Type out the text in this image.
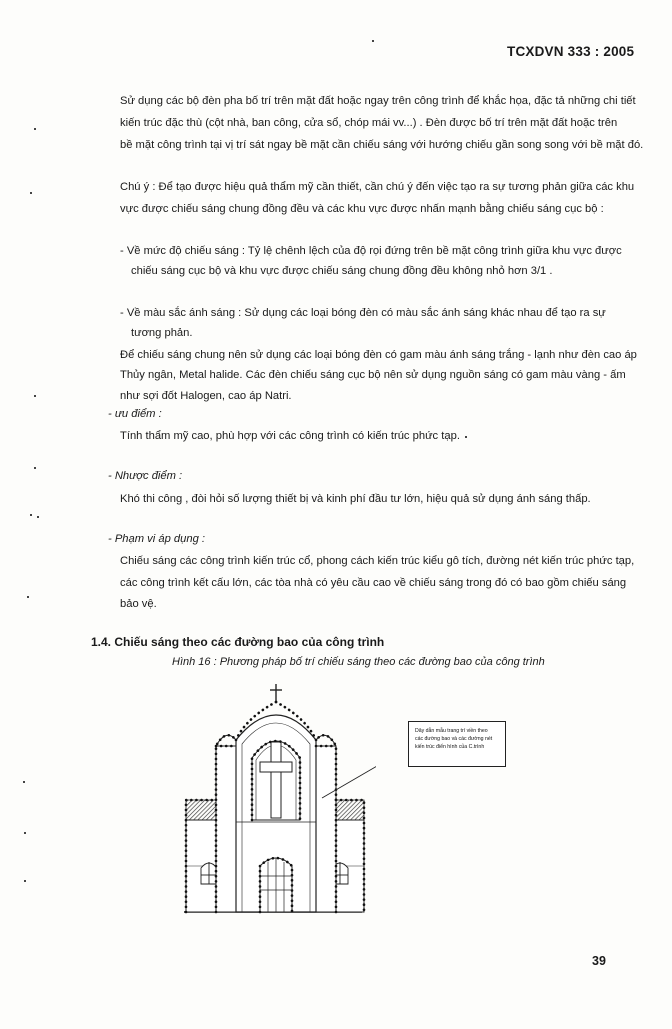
TCXDVN 333 : 2005
Sử dụng các bộ đèn pha bố trí trên mặt đất hoặc ngay trên công trình để khắc họa, đặc tả những chi tiết
kiến trúc đặc thù (cột nhà, ban công, cửa sổ, chóp mái vv...) . Đèn được bố trí trên mặt đất hoặc trên
bề mặt công trình tại vị trí sát ngay bề mặt cần chiếu sáng với hướng chiếu gần song song với bề mặt đó.
Chú ý : Để tạo được hiệu quả thẩm mỹ cần thiết, cần chú ý đến việc tạo ra sự tương phản giữa các khu
vực được chiếu sáng chung đồng đều và các khu vực được nhấn mạnh bằng chiếu sáng cục bộ :
- Về mức độ chiếu sáng : Tỷ lệ chênh lệch của độ rọi đứng trên bề mặt công trình giữa khu vực được
chiếu sáng cục bộ và khu vực được chiếu sáng chung đồng đều không nhỏ hơn 3/1 .
- Về màu sắc ánh sáng : Sử dụng các loại bóng đèn có màu sắc ánh sáng khác nhau để tạo ra sự
tương phản.
Để chiếu sáng chung nên sử dụng các loại bóng đèn có gam màu ánh sáng trắng - lạnh như đèn cao áp
Thủy ngân, Metal halide. Các đèn chiếu sáng cục bộ nên sử dụng nguồn sáng có gam màu vàng - ấm
như sợi đốt Halogen, cao áp Natri.
- ưu điểm :
Tính thẩm mỹ cao, phù hợp với các công trình có kiến trúc phức tạp.
- Nhược điểm :
Khó thi công , đòi hỏi số lượng thiết bị và kinh phí đầu tư lớn, hiệu quả sử dụng ánh sáng thấp.
- Phạm vi áp dụng :
Chiếu sáng các công trình kiến trúc cổ, phong cách kiến trúc kiểu gô tích, đường nét kiến trúc phức tạp,
các công trình kết cấu lớn, các tòa nhà có yêu cầu cao về chiếu sáng trong đó có bao gồm chiếu sáng
bảo vệ.
1.4. Chiếu sáng theo các đường bao của công trình
Hình 16 : Phương pháp bố trí chiếu sáng theo các đường bao của công trình
Dây dẫn mẫu trang trí viền theo
các đường bao và các đường nét
kiến trúc điển hình của C.trình
39
